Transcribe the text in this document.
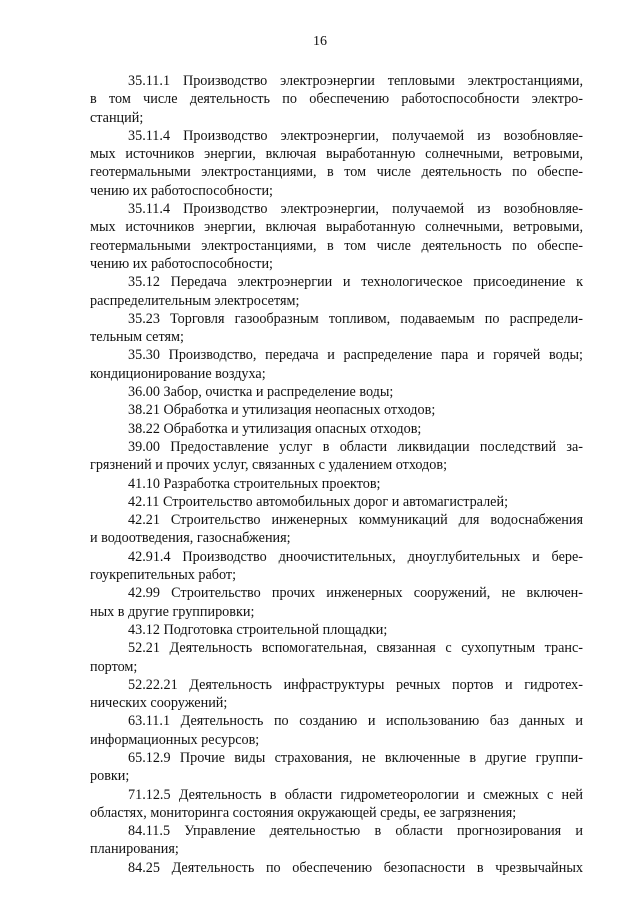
16
35.11.1 Производство электроэнергии тепловыми электростанциями,
в том числе деятельность по обеспечению работоспособности электро-
станций;
35.11.4 Производство электроэнергии, получаемой из возобновляе-
мых источников энергии, включая выработанную солнечными, ветровыми,
геотермальными электростанциями, в том числе деятельность по обеспе-
чению их работоспособности;
35.11.4 Производство электроэнергии, получаемой из возобновляе-
мых источников энергии, включая выработанную солнечными, ветровыми,
геотермальными электростанциями, в том числе деятельность по обеспе-
чению их работоспособности;
35.12 Передача электроэнергии и технологическое присоединение к
распределительным электросетям;
35.23 Торговля газообразным топливом, подаваемым по распредели-
тельным сетям;
35.30 Производство, передача и распределение пара и горячей воды;
кондиционирование воздуха;
36.00 Забор, очистка и распределение воды;
38.21 Обработка и утилизация неопасных отходов;
38.22 Обработка и утилизация опасных отходов;
39.00 Предоставление услуг в области ликвидации последствий за-
грязнений и прочих услуг, связанных с удалением отходов;
41.10 Разработка строительных проектов;
42.11 Строительство автомобильных дорог и автомагистралей;
42.21 Строительство инженерных коммуникаций для водоснабжения
и водоотведения, газоснабжения;
42.91.4 Производство дноочистительных, дноуглубительных и бере-
гоукрепительных работ;
42.99 Строительство прочих инженерных сооружений, не включен-
ных в другие группировки;
43.12 Подготовка строительной площадки;
52.21 Деятельность вспомогательная, связанная с сухопутным транс-
портом;
52.22.21 Деятельность инфраструктуры речных портов и гидротех-
нических сооружений;
63.11.1 Деятельность по созданию и использованию баз данных и
информационных ресурсов;
65.12.9 Прочие виды страхования, не включенные в другие группи-
ровки;
71.12.5 Деятельность в области гидрометеорологии и смежных с ней
областях, мониторинга состояния окружающей среды, ее загрязнения;
84.11.5 Управление деятельностью в области прогнозирования и
планирования;
84.25 Деятельность по обеспечению безопасности в чрезвычайных
